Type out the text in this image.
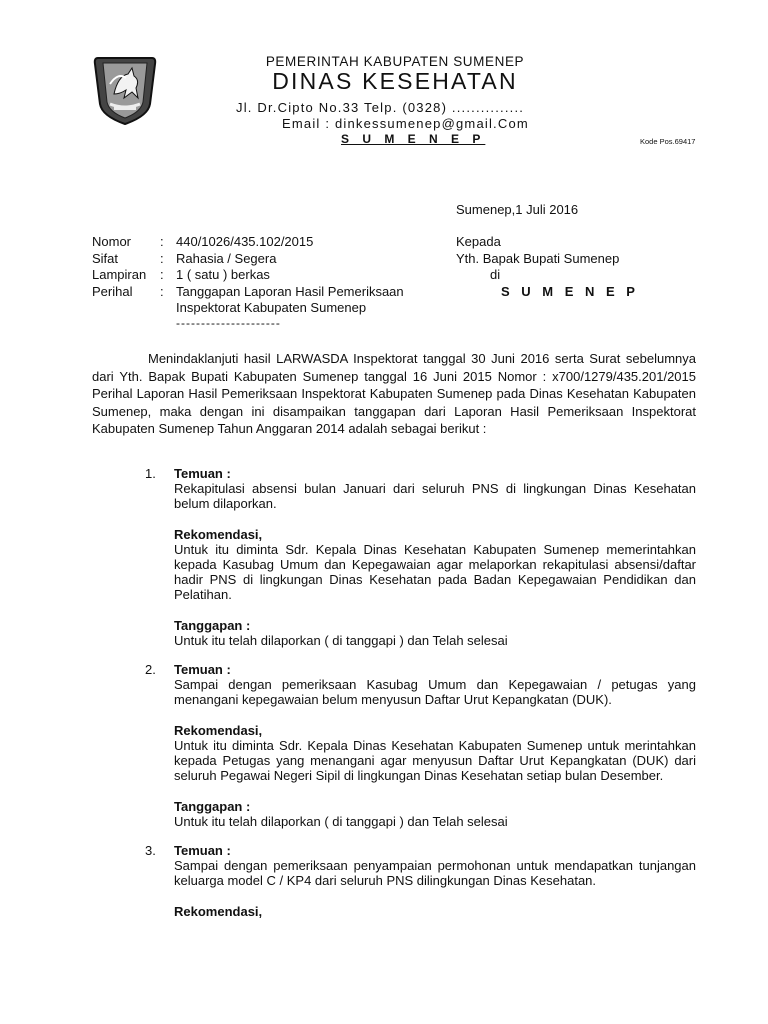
PEMERINTAH KABUPATEN SUMENEP
DINAS KESEHATAN
Jl. Dr.Cipto No.33 Telp. (0328) ...............
Email : dinkessumenep@gmail.Com
S U M E N E P	Kode Pos.69417
Sumenep,1 Juli 2016
Nomor	:	440/1026/435.102/2015
Sifat	:	Rahasia / Segera
Lampiran	:	1 ( satu ) berkas
Perihal	:	Tanggapan Laporan Hasil Pemeriksaan
		Inspektorat Kabupaten Sumenep
---------------------
Kepada
Yth. Bapak Bupati Sumenep
di
S U M E N E P
Menindaklanjuti hasil LARWASDA Inspektorat tanggal 30 Juni 2016 serta Surat sebelumnya dari Yth. Bapak Bupati Kabupaten Sumenep tanggal 16 Juni 2015 Nomor : x700/1279/435.201/2015 Perihal Laporan Hasil Pemeriksaan Inspektorat Kabupaten Sumenep pada Dinas Kesehatan Kabupaten Sumenep, maka dengan ini disampaikan tanggapan dari Laporan Hasil Pemeriksaan Inspektorat Kabupaten Sumenep Tahun Anggaran 2014 adalah sebagai berikut :
1. Temuan :
Rekapitulasi absensi bulan Januari dari seluruh PNS di lingkungan Dinas Kesehatan belum dilaporkan.
Rekomendasi,
Untuk itu diminta Sdr. Kepala Dinas Kesehatan Kabupaten Sumenep memerintahkan kepada Kasubag Umum dan Kepegawaian agar melaporkan rekapitulasi absensi/daftar hadir PNS di lingkungan Dinas Kesehatan pada Badan Kepegawaian Pendidikan dan Pelatihan.
Tanggapan :
Untuk itu telah dilaporkan ( di tanggapi ) dan Telah selesai
2. Temuan :
Sampai dengan pemeriksaan Kasubag Umum dan Kepegawaian / petugas yang menangani kepegawaian belum menyusun Daftar Urut Kepangkatan (DUK).
Rekomendasi,
Untuk itu diminta Sdr. Kepala Dinas Kesehatan Kabupaten Sumenep untuk merintahkan kepada Petugas yang menangani agar menyusun Daftar Urut Kepangkatan (DUK) dari seluruh Pegawai Negeri Sipil di lingkungan Dinas Kesehatan setiap bulan Desember.
Tanggapan :
Untuk itu telah dilaporkan ( di tanggapi ) dan Telah selesai
3. Temuan :
Sampai dengan pemeriksaan penyampaian permohonan untuk mendapatkan tunjangan keluarga model C / KP4 dari seluruh PNS dilingkungan Dinas Kesehatan.
Rekomendasi,
